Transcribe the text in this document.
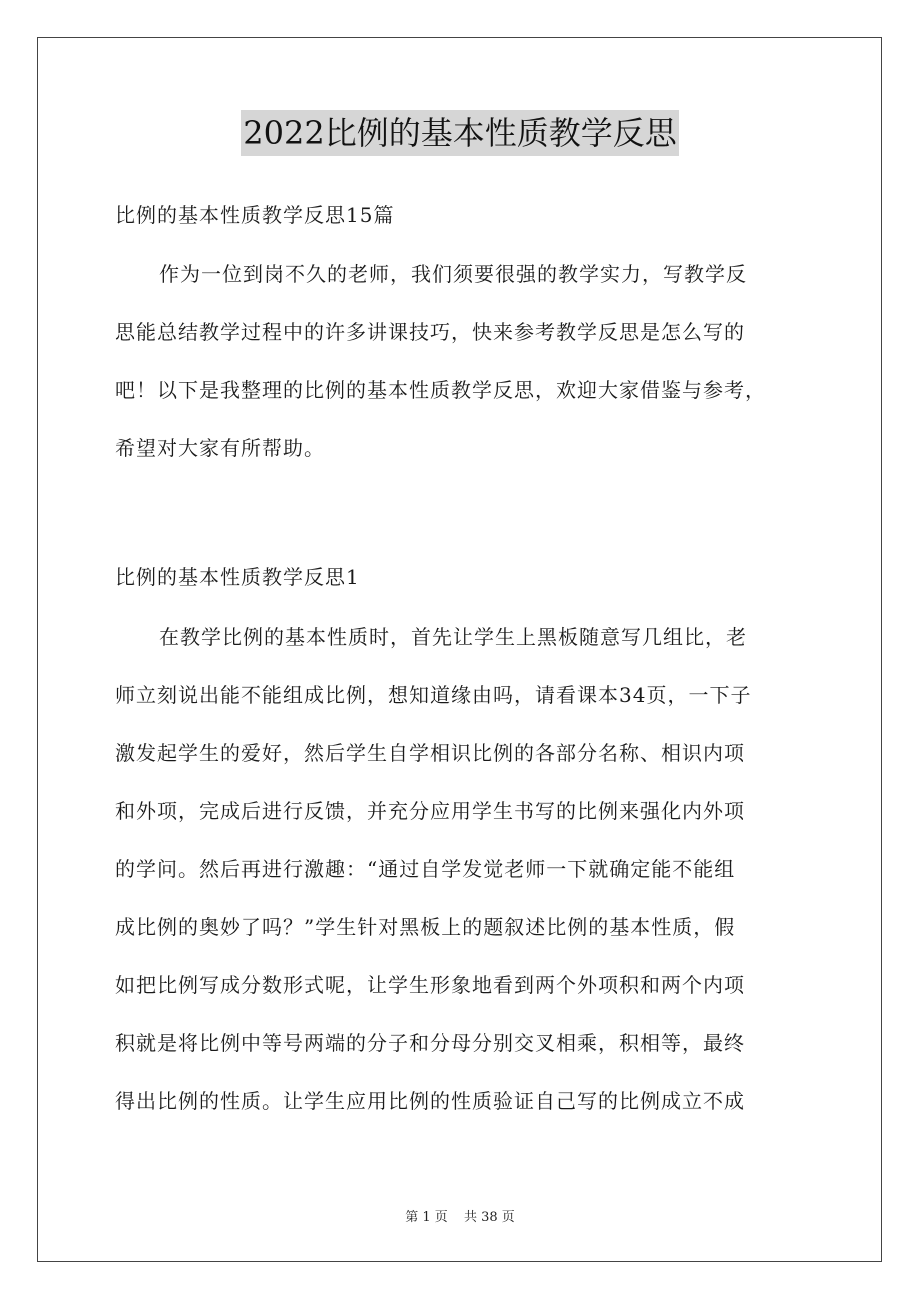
2022比例的基本性质教学反思
比例的基本性质教学反思15篇
作为一位到岗不久的老师，我们须要很强的教学实力，写教学反
思能总结教学过程中的许多讲课技巧，快来参考教学反思是怎么写的
吧！以下是我整理的比例的基本性质教学反思，欢迎大家借鉴与参考，
希望对大家有所帮助。
比例的基本性质教学反思1
在教学比例的基本性质时，首先让学生上黑板随意写几组比，老
师立刻说出能不能组成比例，想知道缘由吗，请看课本34页，一下子
激发起学生的爱好，然后学生自学相识比例的各部分名称、相识内项
和外项，完成后进行反馈，并充分应用学生书写的比例来强化内外项
的学问。然后再进行激趣：“通过自学发觉老师一下就确定能不能组
成比例的奥妙了吗？”学生针对黑板上的题叙述比例的基本性质，假
如把比例写成分数形式呢，让学生形象地看到两个外项积和两个内项
积就是将比例中等号两端的分子和分母分别交叉相乘，积相等，最终
得出比例的性质。让学生应用比例的性质验证自己写的比例成立不成
第 1 页 共 38 页
